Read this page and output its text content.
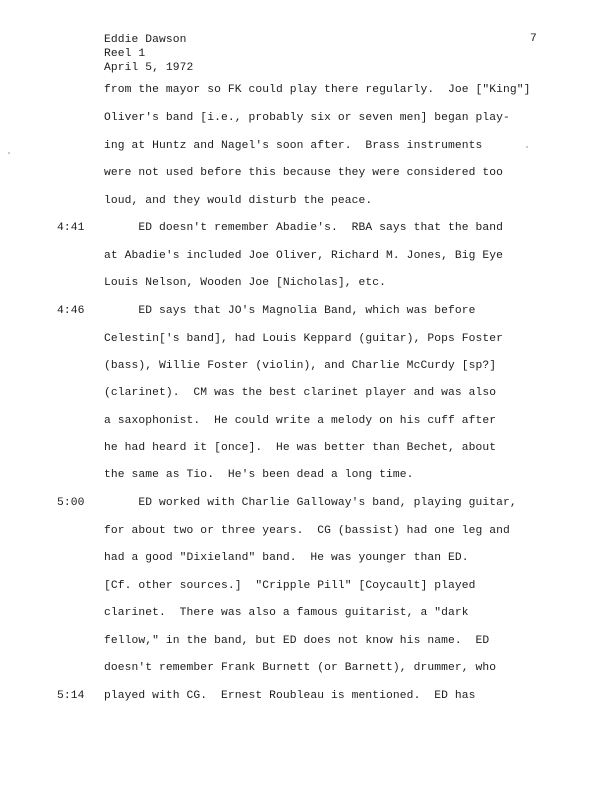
Eddie Dawson
Reel 1
April 5, 1972
7
from the mayor so FK could play there regularly.  Joe ["King"]
Oliver's band [i.e., probably six or seven men] began play-
ing at Huntz and Nagel's soon after.  Brass instruments
were not used before this because they were considered too
loud, and they would disturb the peace.
4:41 ED doesn't remember Abadie's.  RBA says that the band
at Abadie's included Joe Oliver, Richard M. Jones, Big Eye
Louis Nelson, Wooden Joe [Nicholas], etc.
4:46 ED says that JO's Magnolia Band, which was before
Celestin['s band], had Louis Keppard (guitar), Pops Foster
(bass), Willie Foster (violin), and Charlie McCurdy [sp?]
(clarinet).  CM was the best clarinet player and was also
a saxophonist.  He could write a melody on his cuff after
he had heard it [once].  He was better than Bechet, about
the same as Tio.  He's been dead a long time.
5:00 ED worked with Charlie Galloway's band, playing guitar,
for about two or three years.  CG (bassist) had one leg and
had a good "Dixieland" band.  He was younger than ED.
[Cf. other sources.]  "Cripple Pill" [Coycault] played
clarinet.  There was also a famous guitarist, a "dark
fellow," in the band, but ED does not know his name.  ED
doesn't remember Frank Burnett (or Barnett), drummer, who
5:14 played with CG.  Ernest Roubleau is mentioned.  ED has
